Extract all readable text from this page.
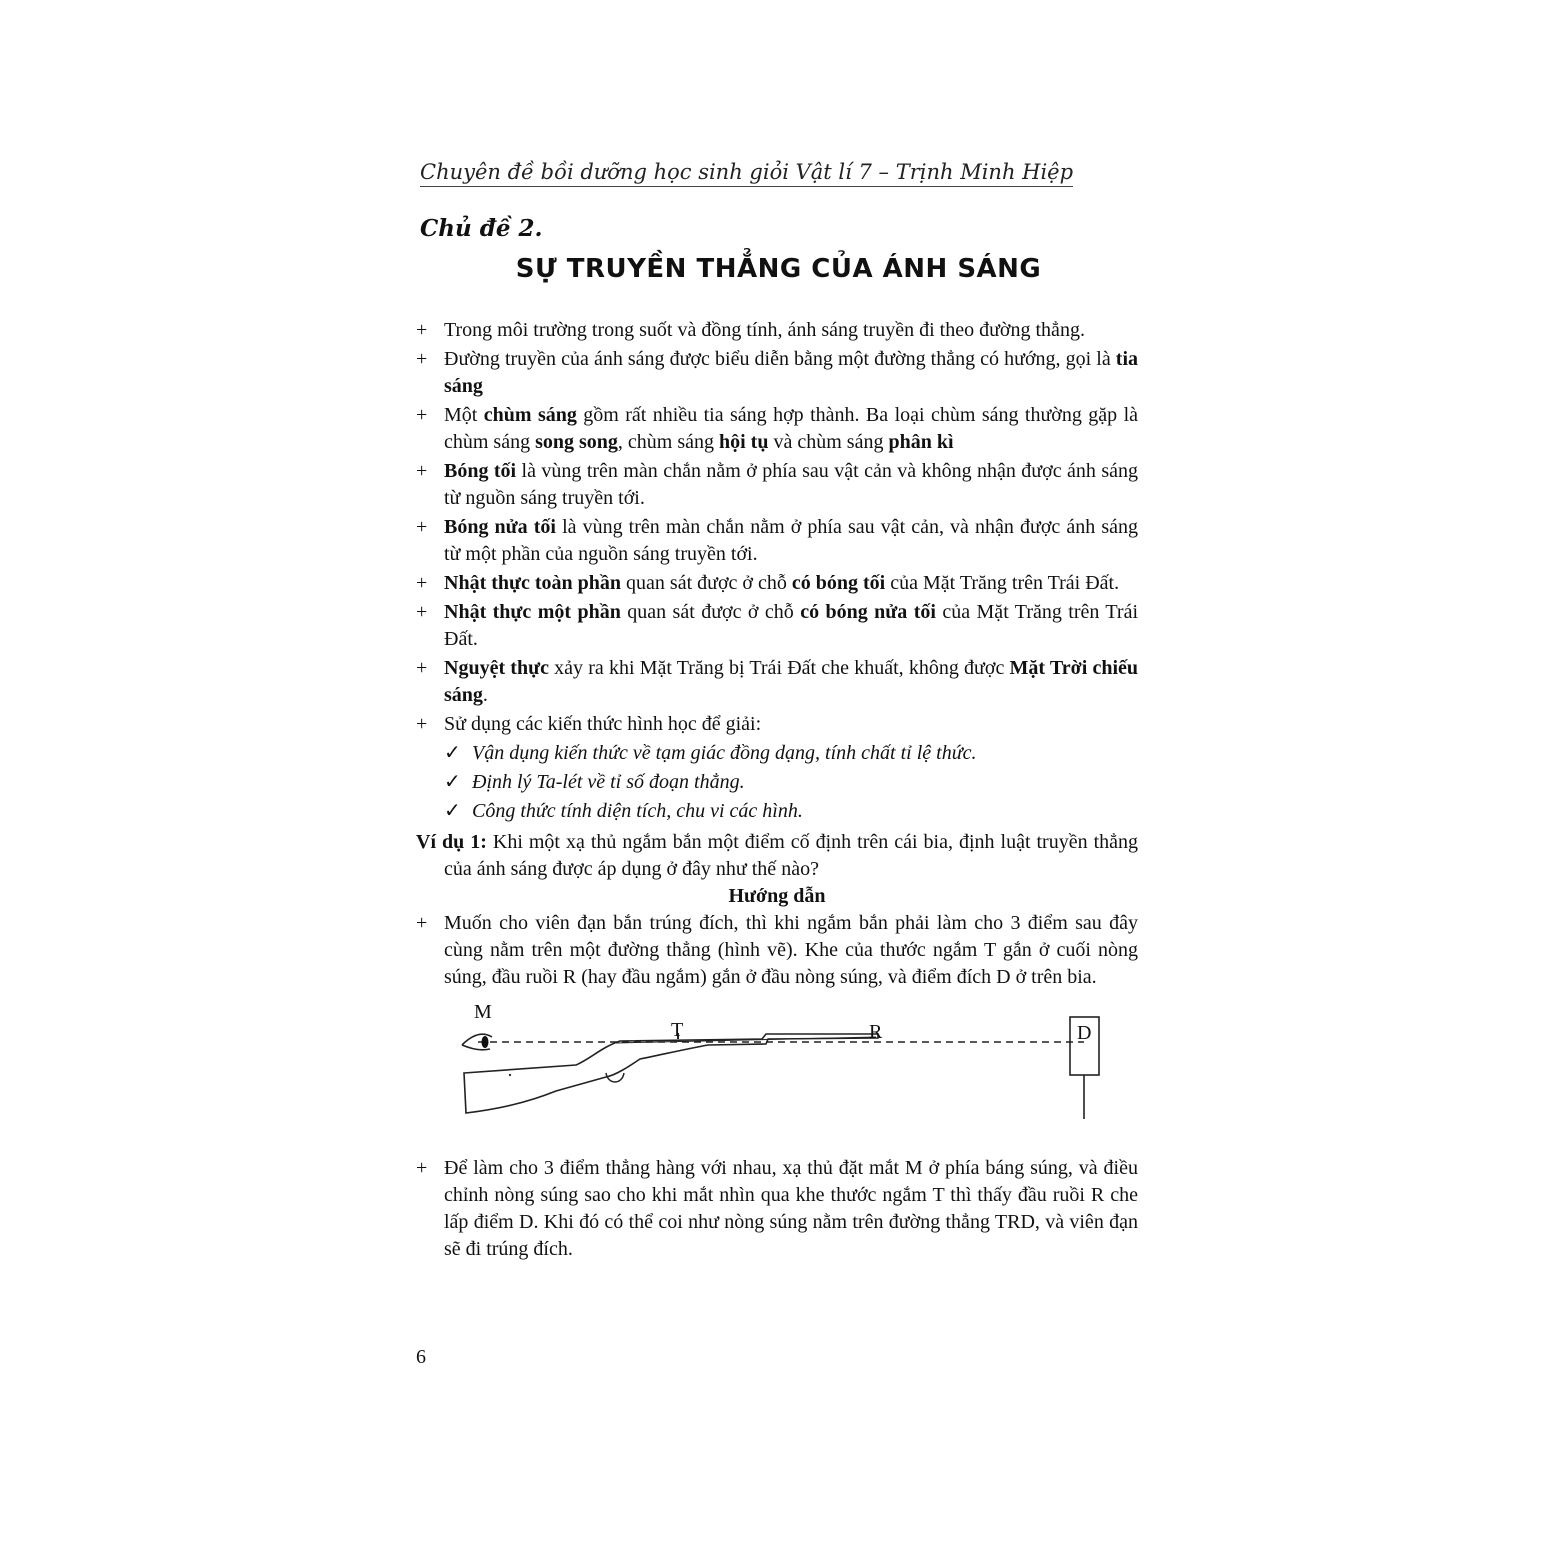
Chuyên đề bồi dưỡng học sinh giỏi Vật lí 7 – Trịnh Minh Hiệp
Chủ đề 2.
SỰ TRUYỀN THẲNG CỦA ÁNH SÁNG
+ Trong môi trường trong suốt và đồng tính, ánh sáng truyền đi theo đường thẳng.
+ Đường truyền của ánh sáng được biểu diễn bằng một đường thẳng có hướng, gọi là tia sáng
+ Một chùm sáng gồm rất nhiều tia sáng hợp thành. Ba loại chùm sáng thường gặp là chùm sáng song song, chùm sáng hội tụ và chùm sáng phân kì
+ Bóng tối là vùng trên màn chắn nằm ở phía sau vật cản và không nhận được ánh sáng từ nguồn sáng truyền tới.
+ Bóng nửa tối là vùng trên màn chắn nằm ở phía sau vật cản, và nhận được ánh sáng từ một phần của nguồn sáng truyền tới.
+ Nhật thực toàn phần quan sát được ở chỗ có bóng tối của Mặt Trăng trên Trái Đất.
+ Nhật thực một phần quan sát được ở chỗ có bóng nửa tối của Mặt Trăng trên Trái Đất.
+ Nguyệt thực xảy ra khi Mặt Trăng bị Trái Đất che khuất, không được Mặt Trời chiếu sáng.
+ Sử dụng các kiến thức hình học để giải:
✓ Vận dụng kiến thức về tạm giác đồng dạng, tính chất tỉ lệ thức.
✓ Định lý Ta-lét về tỉ số đoạn thẳng.
✓ Công thức tính diện tích, chu vi các hình.
Ví dụ 1: Khi một xạ thủ ngắm bắn một điểm cố định trên cái bia, định luật truyền thẳng của ánh sáng được áp dụng ở đây như thế nào?
Hướng dẫn
+ Muốn cho viên đạn bắn trúng đích, thì khi ngắm bắn phải làm cho 3 điểm sau đây cùng nằm trên một đường thẳng (hình vẽ). Khe của thước ngắm T gắn ở cuối nòng súng, đầu ruồi R (hay đầu ngắm) gắn ở đầu nòng súng, và điểm đích D ở trên bia.
M
T	R	D
+ Để làm cho 3 điểm thẳng hàng với nhau, xạ thủ đặt mắt M ở phía báng súng, và điều chỉnh nòng súng sao cho khi mắt nhìn qua khe thước ngắm T thì thấy đầu ruồi R che lấp điểm D. Khi đó có thể coi như nòng súng nằm trên đường thẳng TRD, và viên đạn sẽ đi trúng đích.
6
